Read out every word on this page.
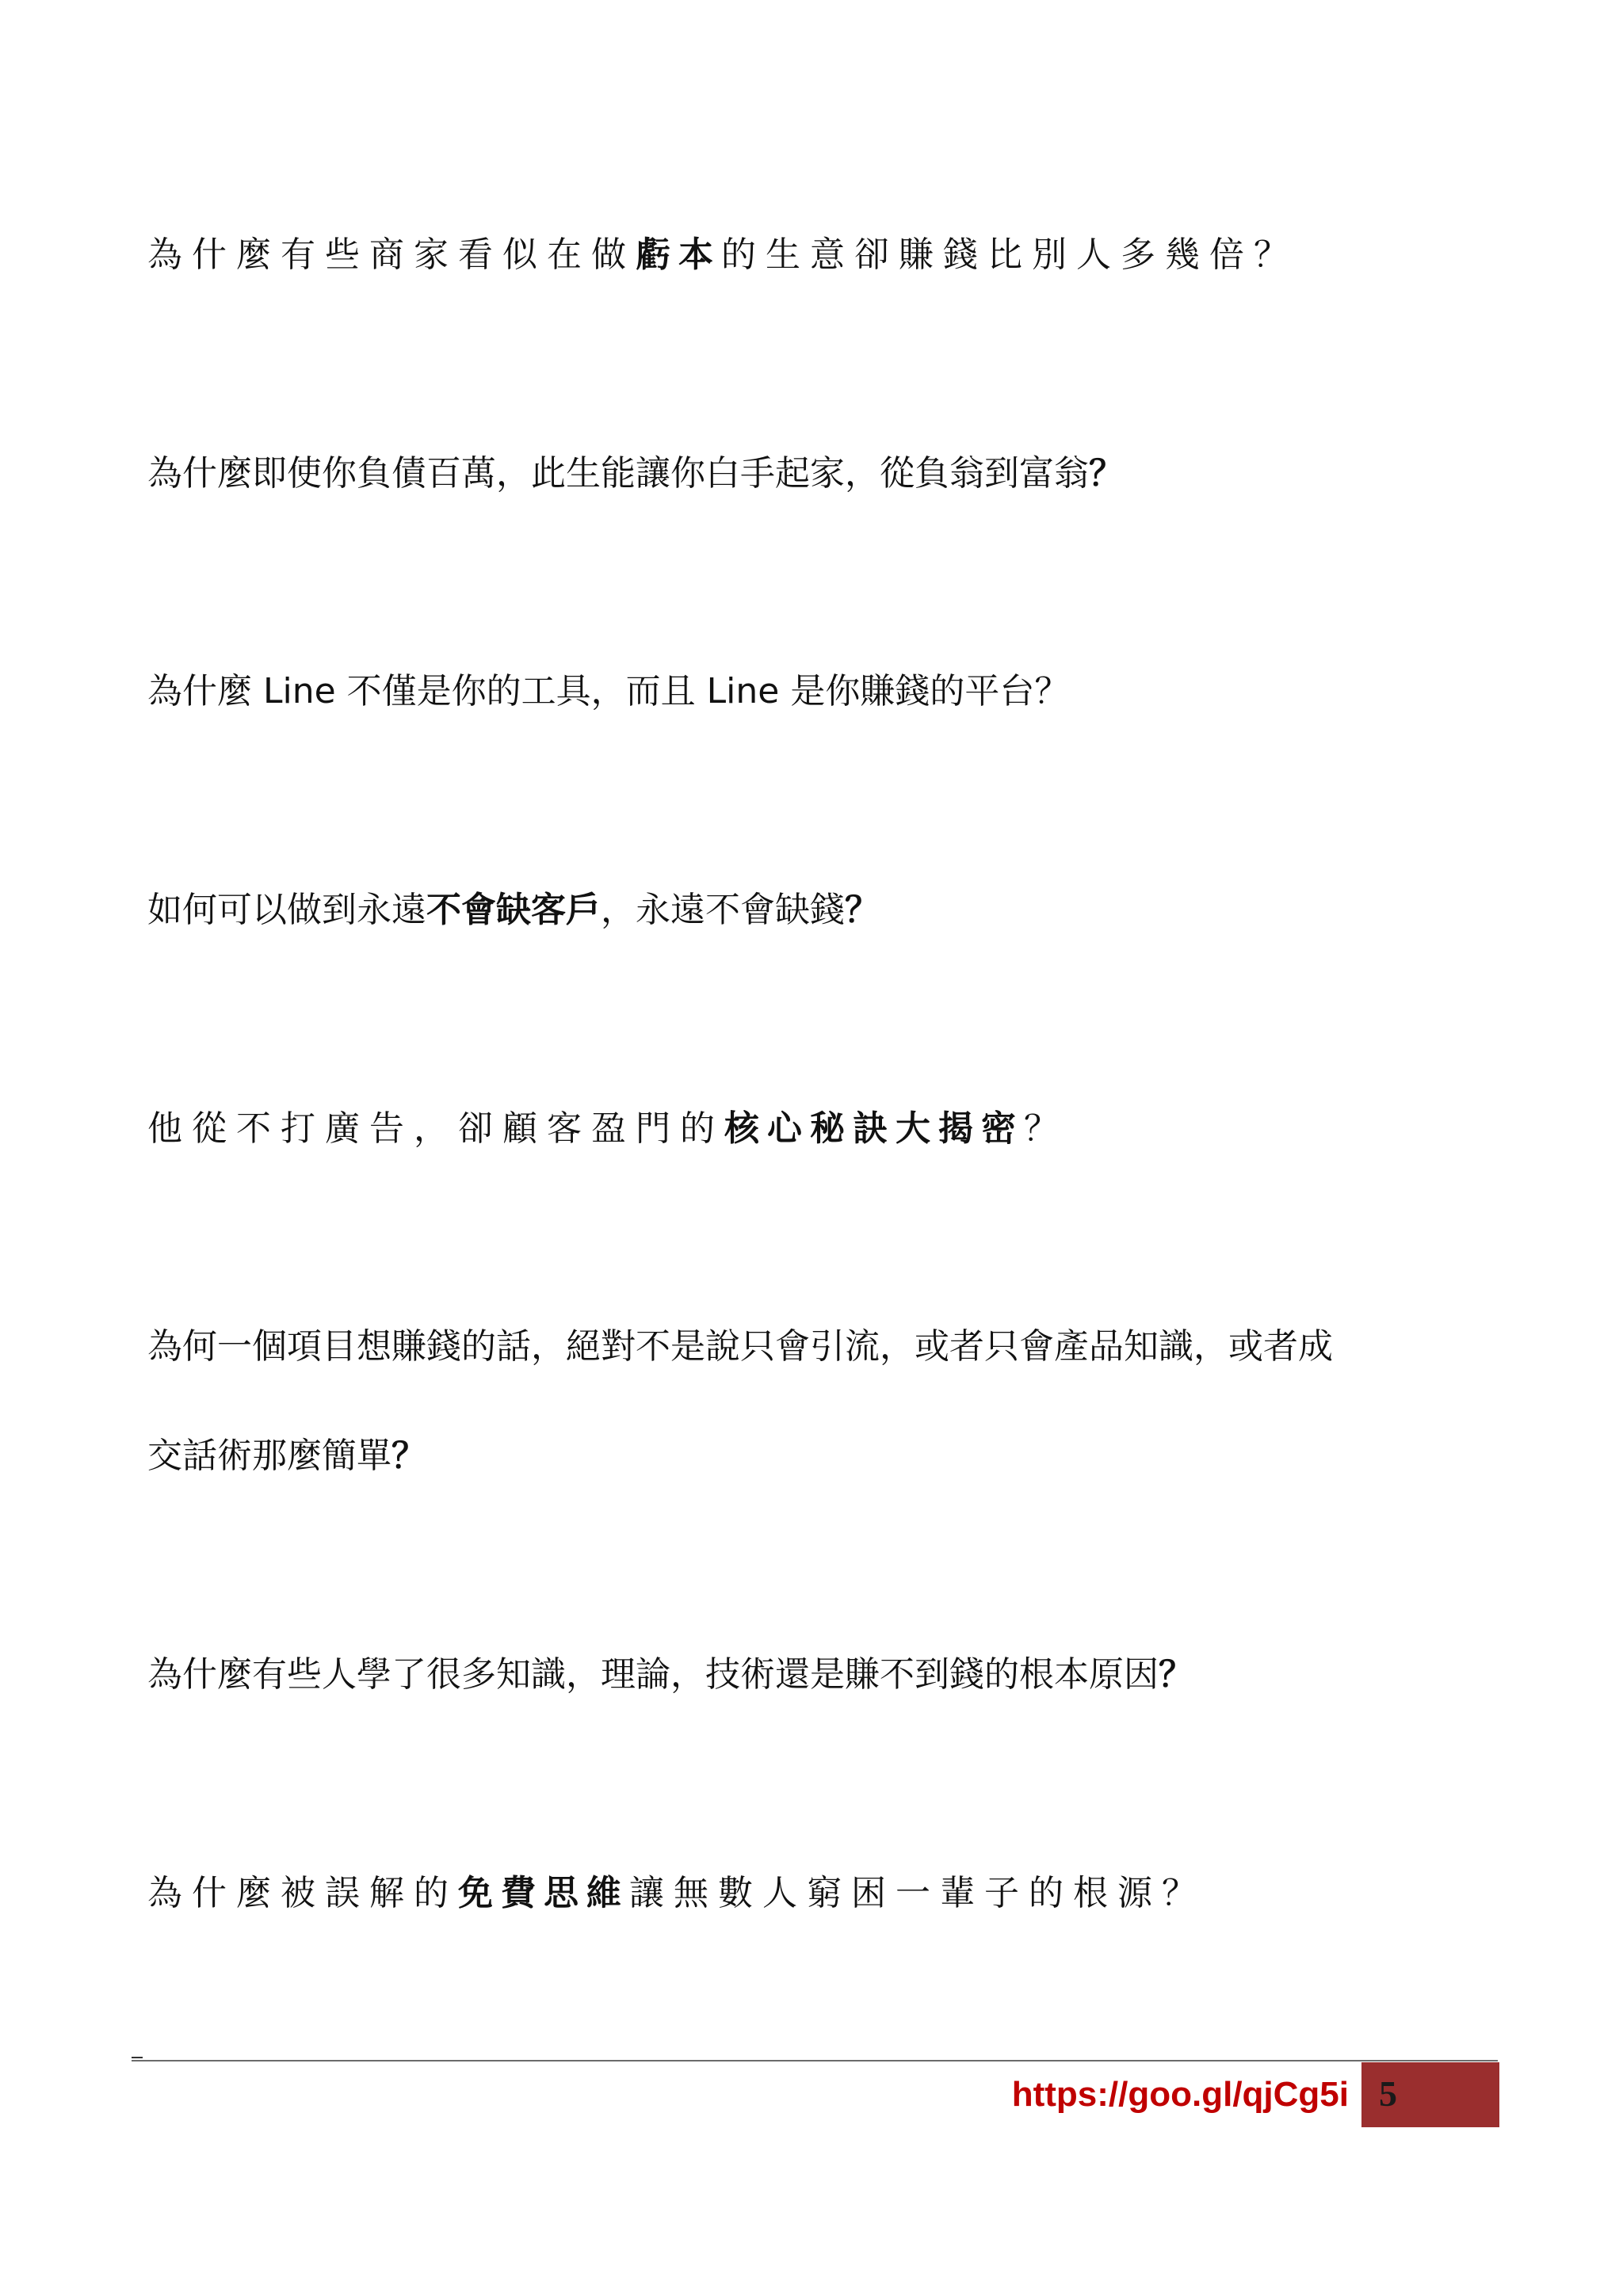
為什麼有些商家看似在做虧本的生意卻賺錢比別人多幾倍？
為什麼即使你負債百萬，此生能讓你白手起家，從負翁到富翁？
為什麼 Line 不僅是你的工具，而且 Line 是你賺錢的平台？
如何可以做到永遠不會缺客戶，永遠不會缺錢？
他從不打廣告，卻顧客盈門的核心秘訣大揭密？
為何一個項目想賺錢的話，絕對不是說只會引流，或者只會產品知識，或者成
交話術那麼簡單？
為什麼有些人學了很多知識，理論，技術還是賺不到錢的根本原因？
為什麼被誤解的免費思維讓無數人窮困一輩子的根源？
https://goo.gl/qjCg5i 5
